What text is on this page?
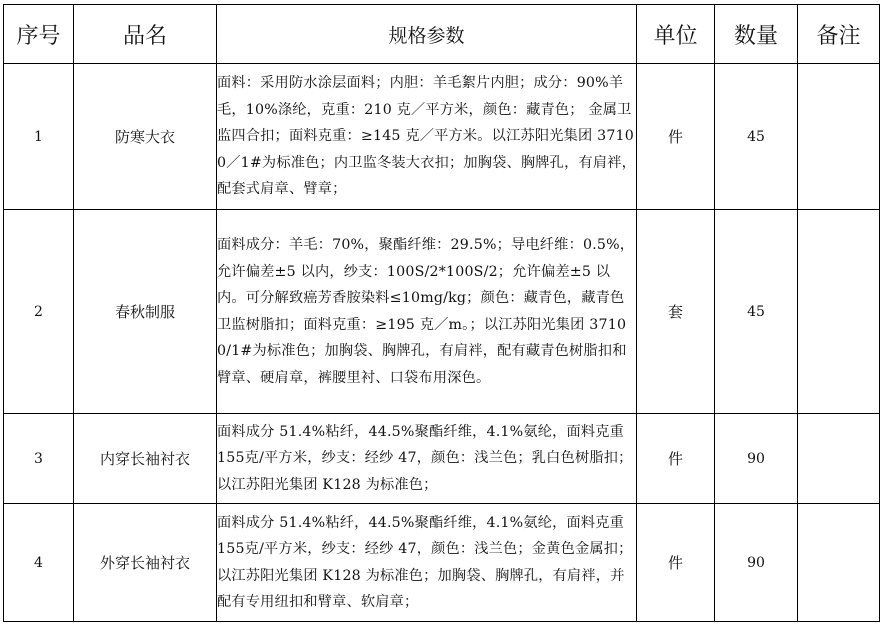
序号	品名	规格参数	单位	数量	备注
1	防寒大衣	面料：采用防水涂层面料；内胆：羊毛絮片内胆；成分：90%羊毛，10%涤纶，克重：210 克／平方米，颜色：藏青色； 金属卫监四合扣；面料克重：≥145 克／平方米。以江苏阳光集团 37100／1#为标准色；内卫监冬装大衣扣；加胸袋、胸牌孔，有肩袢，配套式肩章、臂章；	件	45	
2	春秋制服	面料成分：羊毛：70%，聚酯纤维：29.5%；导电纤维：0.5%，允许偏差±5 以内，纱支：100S/2*100S/2；允许偏差±5 以内。可分解致癌芳香胺染料≤10mg/kg；颜色：藏青色，藏青色卫监树脂扣；面料克重：≥195 克／m。；以江苏阳光集团 37100/1#为标准色；加胸袋、胸牌孔，有肩袢，配有藏青色树脂扣和臂章、硬肩章，裤腰里衬、口袋布用深色。	套	45	
3	内穿长袖衬衣	面料成分 51.4%粘纤，44.5%聚酯纤维，4.1%氨纶，面料克重 155克/平方米，纱支：经纱 47，颜色：浅兰色；乳白色树脂扣；以江苏阳光集团 K128 为标准色；	件	90	
4	外穿长袖衬衣	面料成分 51.4%粘纤，44.5%聚酯纤维，4.1%氨纶，面料克重 155克/平方米，纱支：经纱 47，颜色：浅兰色；金黄色金属扣；以江苏阳光集团 K128 为标准色；加胸袋、胸牌孔，有肩袢，并配有专用纽扣和臂章、软肩章；	件	90	
